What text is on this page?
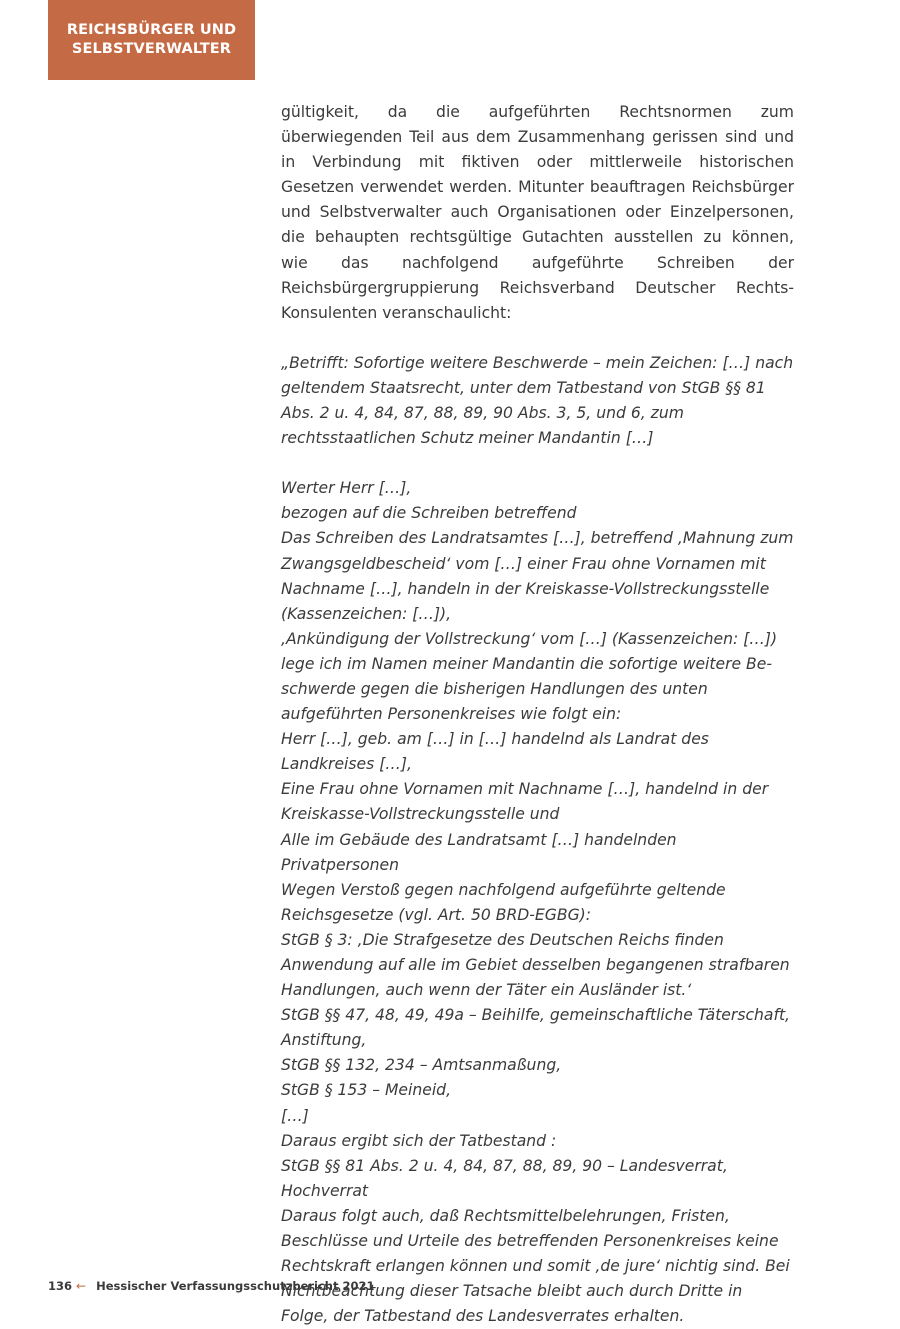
REICHSBÜRGER UND
SELBSTVERWALTER

gültigkeit, da die aufgeführten Rechtsnormen zum überwiegenden Teil aus dem Zusammenhang gerissen sind und in Verbindung mit fiktiven oder mittlerweile historischen Gesetzen verwendet werden. Mitunter beauftragen Reichsbürger und Selbstverwalter auch Organisationen oder Einzelpersonen, die behaupten rechtsgültige Gutachten ausstellen zu können, wie das nachfolgend aufgeführte Schreiben der Reichsbürgergruppierung Reichsverband Deutscher Rechts-Konsulenten veranschaulicht:

„Betrifft: Sofortige weitere Beschwerde – mein Zeichen: […] nach geltendem Staatsrecht, unter dem Tatbestand von StGB §§ 81 Abs. 2 u. 4, 84, 87, 88, 89, 90 Abs. 3, 5, und 6, zum rechtsstaatlichen Schutz meiner Mandantin […]

Werter Herr […],
bezogen auf die Schreiben betreffend
Das Schreiben des Landratsamtes […], betreffend ‚Mahnung zum Zwangsgeldbescheid‘ vom […] einer Frau ohne Vornamen mit Nachname […], handeln in der Kreiskasse-Vollstreckungsstelle (Kassenzeichen: […]),
‚Ankündigung der Vollstreckung‘ vom […] (Kassenzeichen: […])
lege ich im Namen meiner Mandantin die sofortige weitere Beschwerde gegen die bisherigen Handlungen des unten aufgeführten Personenkreises wie folgt ein:
Herr […], geb. am […] in […] handelnd als Landrat des Landkreises […],
Eine Frau ohne Vornamen mit Nachname […], handelnd in der Kreiskasse-Vollstreckungsstelle und
Alle im Gebäude des Landratsamt […] handelnden Privatpersonen
Wegen Verstoß gegen nachfolgend aufgeführte geltende Reichsgesetze (vgl. Art. 50 BRD-EGBG):
StGB § 3: ‚Die Strafgesetze des Deutschen Reichs finden Anwendung auf alle im Gebiet desselben begangenen strafbaren Handlungen, auch wenn der Täter ein Ausländer ist.‘
StGB §§ 47, 48, 49, 49a – Beihilfe, gemeinschaftliche Täterschaft, Anstiftung,
StGB §§ 132, 234 – Amtsanmaßung,
StGB § 153 – Meineid,
[…]
Daraus ergibt sich der Tatbestand :
StGB §§ 81 Abs. 2 u. 4, 84, 87, 88, 89, 90 – Landesverrat, Hochverrat
Daraus folgt auch, daß Rechtsmittelbelehrungen, Fristen, Beschlüsse und Urteile des betreffenden Personenkreises keine Rechtskraft erlangen können und somit ‚de jure‘ nichtig sind. Bei Nichtbeachtung dieser Tatsache bleibt auch durch Dritte in Folge, der Tatbestand des Landesverrates erhalten.
136 ← Hessischer Verfassungsschutzbericht 2021
